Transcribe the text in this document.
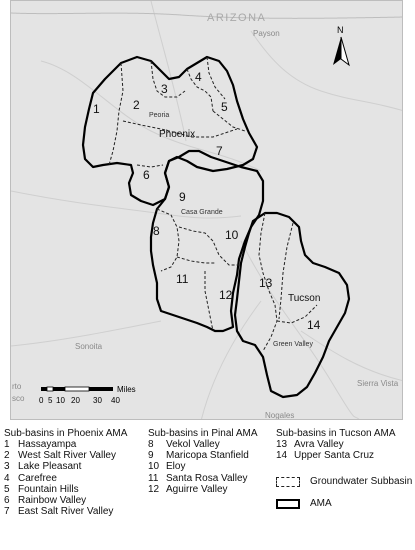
ARIZONA
Payson
Sonoita
Sierra Vista
Nogales
rto
sco
Phoenix
Tucson
Peoria
Casa Grande
Green Valley
1	2
3
4
5
6
7
9
8	10
11
12
13
14
N
Miles
0 5 10 20 30 40
Sub-basins in Phoenix AMA
1 Hassayampa
2 West Salt River Valley
3 Lake Pleasant
4 Carefree
5 Fountain Hills
6 Rainbow Valley
7 East Salt River Valley
Sub-basins in Pinal AMA
8	Vekol Valley
9	Maricopa Stanfield
10 Eloy
11 Santa Rosa Valley
12 Aguirre Valley
Sub-basins in Tucson AMA
13 Avra Valley
14 Upper Santa Cruz
Groundwater Subbasin
AMA
